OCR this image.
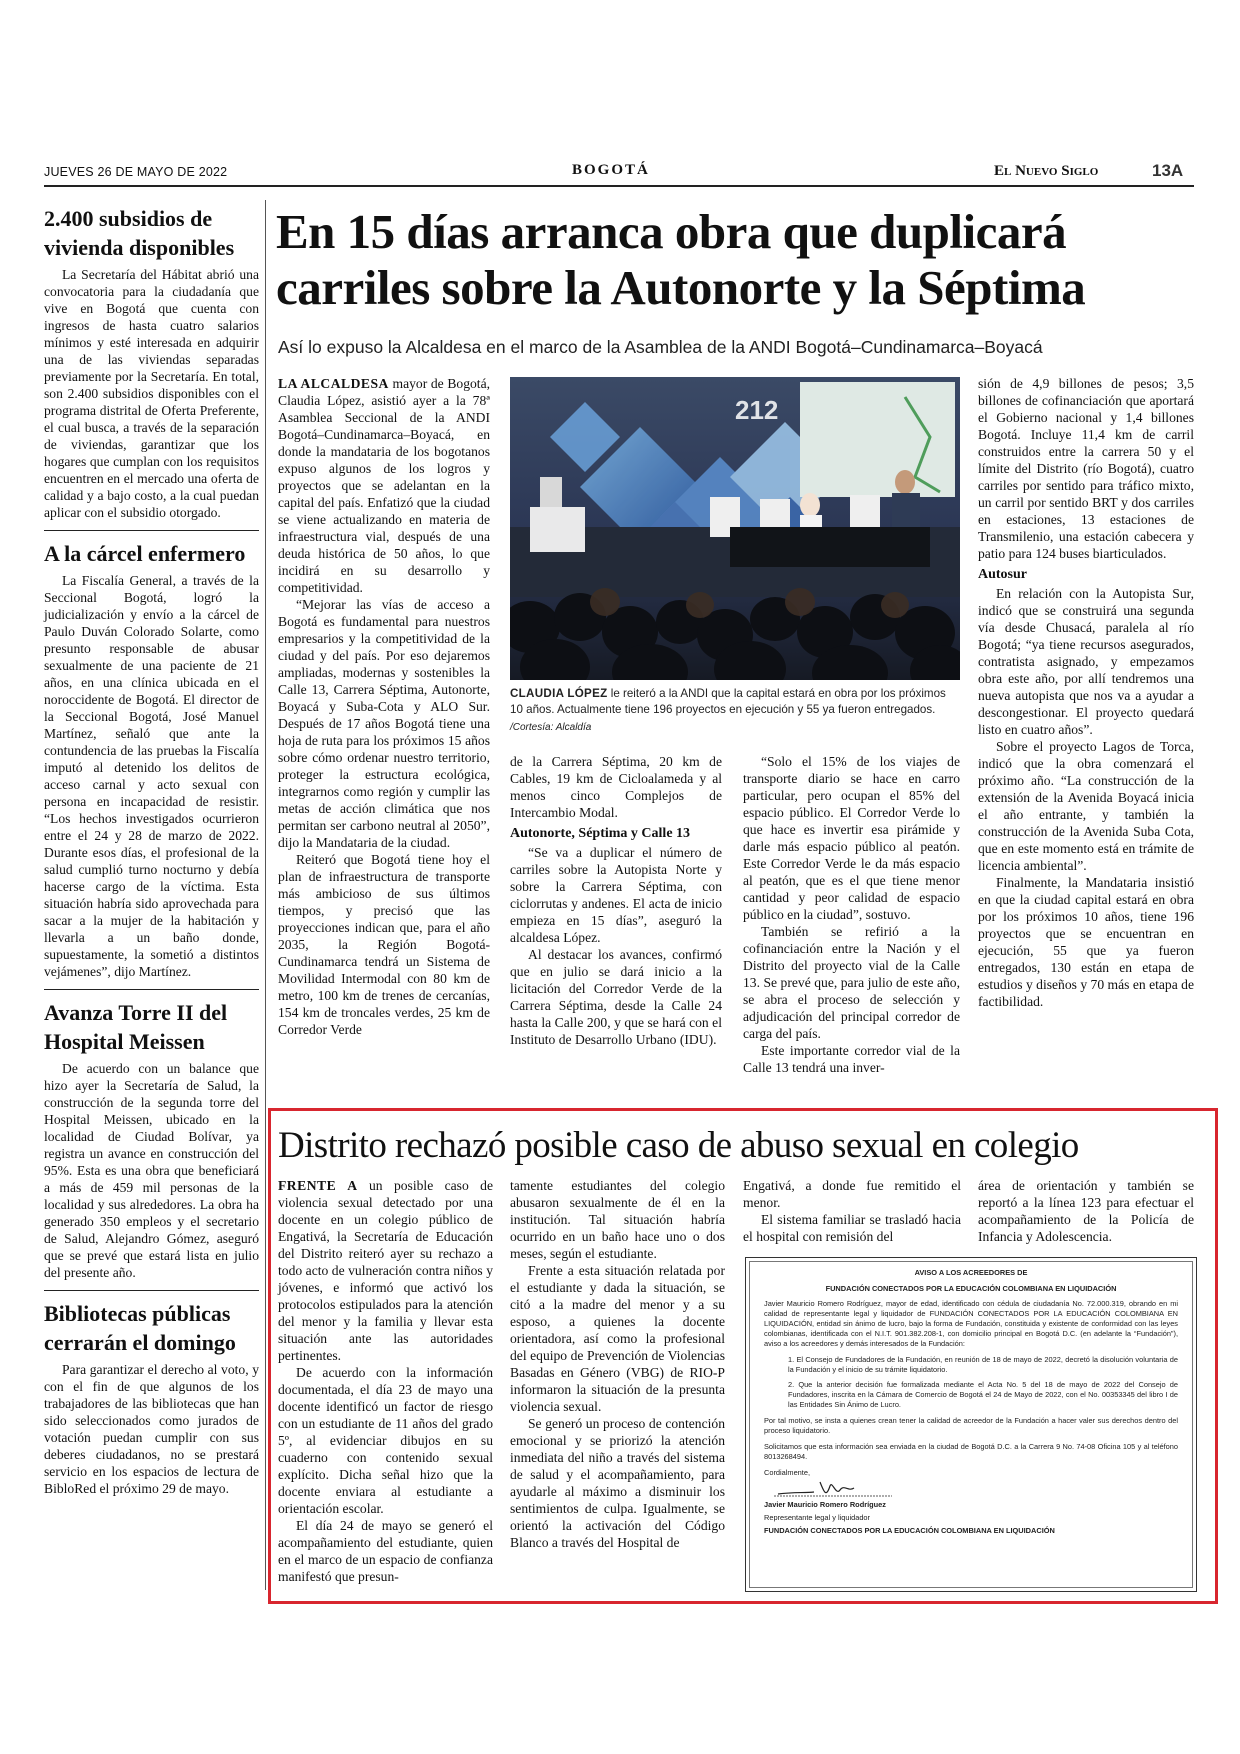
JUEVES 26 DE MAYO DE 2022	BOGOTÁ	El Nuevo Siglo	13A
2.400 subsidios de vivienda disponibles

La Secretaría del Hábitat abrió una convocatoria para la ciudadanía que vive en Bogotá que cuenta con ingresos de hasta cuatro salarios mínimos y esté interesada en adquirir una de las viviendas separadas previamente por la Secretaría. En total, son 2.400 subsidios disponibles con el programa distrital de Oferta Preferente, el cual busca, a través de la separación de viviendas, garantizar que los hogares que cumplan con los requisitos encuentren en el mercado una oferta de calidad y a bajo costo, a la cual puedan aplicar con el subsidio otorgado.

A la cárcel enfermero

La Fiscalía General, a través de la Seccional Bogotá, logró la judicialización y envío a la cárcel de Paulo Duván Colorado Solarte, como presunto responsable de abusar sexualmente de una paciente de 21 años, en una clínica ubicada en el noroccidente de Bogotá. El director de la Seccional Bogotá, José Manuel Martínez, señaló que ante la contundencia de las pruebas la Fiscalía imputó al detenido los delitos de acceso carnal y acto sexual con persona en incapacidad de resistir. “Los hechos investigados ocurrieron entre el 24 y 28 de marzo de 2022. Durante esos días, el profesional de la salud cumplió turno nocturno y debía hacerse cargo de la víctima. Esta situación habría sido aprovechada para sacar a la mujer de la habitación y llevarla a un baño donde, supuestamente, la sometió a distintos vejámenes”, dijo Martínez.

Avanza Torre II del Hospital Meissen

De acuerdo con un balance que hizo ayer la Secretaría de Salud, la construcción de la segunda torre del Hospital Meissen, ubicado en la localidad de Ciudad Bolívar, ya registra un avance en construcción del 95%. Esta es una obra que beneficiará a más de 459 mil personas de la localidad y sus alrededores. La obra ha generado 350 empleos y el secretario de Salud, Alejandro Gómez, aseguró que se prevé que estará lista en julio del presente año.

Bibliotecas públicas cerrarán el domingo

Para garantizar el derecho al voto, y con el fin de que algunos de los trabajadores de las bibliotecas que han sido seleccionados como jurados de votación puedan cumplir con sus deberes ciudadanos, no se prestará servicio en los espacios de lectura de BibloRed el próximo 29 de mayo.

En 15 días arranca obra que duplicará carriles sobre la Autonorte y la Séptima
Así lo expuso la Alcaldesa en el marco de la Asamblea de la ANDI Bogotá–Cundinamarca–Boyacá

LA ALCALDESA mayor de Bogotá, Claudia López, asistió ayer a la 78ª Asamblea Seccional de la ANDI Bogotá–Cundinamarca–Boyacá, en donde la mandataria de los bogotanos expuso algunos de los logros y proyectos que se adelantan en la capital del país. Enfatizó que la ciudad se viene actualizando en materia de infraestructura vial, después de una deuda histórica de 50 años, lo que incidirá en su desarrollo y competitividad.

“Mejorar las vías de acceso a Bogotá es fundamental para nuestros empresarios y la competitividad de la ciudad y del país. Por eso dejaremos ampliadas, modernas y sostenibles la Calle 13, Carrera Séptima, Autonorte, Boyacá y Suba-Cota y ALO Sur. Después de 17 años Bogotá tiene una hoja de ruta para los próximos 15 años sobre cómo ordenar nuestro territorio, proteger la estructura ecológica, integrarnos como región y cumplir las metas de acción climática que nos permitan ser carbono neutral al 2050”, dijo la Mandataria de la ciudad.

Reiteró que Bogotá tiene hoy el plan de infraestructura de transporte más ambicioso de sus últimos tiempos, y precisó que las proyecciones indican que, para el año 2035, la Región Bogotá-Cundinamarca tendrá un Sistema de Movilidad Intermodal con 80 km de metro, 100 km de trenes de cercanías, 154 km de troncales verdes, 25 km de Corredor Verde

212
CLAUDIA LÓPEZ le reiteró a la ANDI que la capital estará en obra por los próximos 10 años. Actualmente tiene 196 proyectos en ejecución y 55 ya fueron entregados. /Cortesía: Alcaldía

de la Carrera Séptima, 20 km de Cables, 19 km de Cicloalameda y al menos cinco Complejos de Intercambio Modal.

Autonorte, Séptima y Calle 13

“Se va a duplicar el número de carriles sobre la Autopista Norte y sobre la Carrera Séptima, con ciclorrutas y andenes. El acta de inicio empieza en 15 días”, aseguró la alcaldesa López.

Al destacar los avances, confirmó que en julio se dará inicio a la licitación del Corredor Verde de la Carrera Séptima, desde la Calle 24 hasta la Calle 200, y que se hará con el Instituto de Desarrollo Urbano (IDU).

“Solo el 15% de los viajes de transporte diario se hace en carro particular, pero ocupan el 85% del espacio público. El Corredor Verde lo que hace es invertir esa pirámide y darle más espacio público al peatón. Este Corredor Verde le da más espacio al peatón, que es el que tiene menor cantidad y peor calidad de espacio público en la ciudad”, sostuvo.

También se refirió a la cofinanciación entre la Nación y el Distrito del proyecto vial de la Calle 13. Se prevé que, para julio de este año, se abra el proceso de selección y adjudicación del principal corredor de carga del país.

Este importante corredor vial de la Calle 13 tendrá una inver-

sión de 4,9 billones de pesos; 3,5 billones de cofinanciación que aportará el Gobierno nacional y 1,4 billones Bogotá. Incluye 11,4 km de carril construidos entre la carrera 50 y el límite del Distrito (río Bogotá), cuatro carriles por sentido para tráfico mixto, un carril por sentido BRT y dos carriles en estaciones, 13 estaciones de Transmilenio, una estación cabecera y patio para 124 buses biarticulados.

Autosur

En relación con la Autopista Sur, indicó que se construirá una segunda vía desde Chusacá, paralela al río Bogotá; “ya tiene recursos asegurados, contratista asignado, y empezamos obra este año, por allí tendremos una nueva autopista que nos va a ayudar a descongestionar. El proyecto quedará listo en cuatro años”.

Sobre el proyecto Lagos de Torca, indicó que la obra comenzará el próximo año. “La construcción de la extensión de la Avenida Boyacá inicia el año entrante, y también la construcción de la Avenida Suba Cota, que en este momento está en trámite de licencia ambiental”.

Finalmente, la Mandataria insistió en que la ciudad capital estará en obra por los próximos 10 años, tiene 196 proyectos que se encuentran en ejecución, 55 que ya fueron entregados, 130 están en etapa de estudios y diseños y 70 más en etapa de factibilidad.

Distrito rechazó posible caso de abuso sexual en colegio

FRENTE A un posible caso de violencia sexual detectado por una docente en un colegio público de Engativá, la Secretaría de Educación del Distrito reiteró ayer su rechazo a todo acto de vulneración contra niños y jóvenes, e informó que activó los protocolos estipulados para la atención del menor y la familia y llevar esta situación ante las autoridades pertinentes.

De acuerdo con la información documentada, el día 23 de mayo una docente identificó un factor de riesgo con un estudiante de 11 años del grado 5º, al evidenciar dibujos en su cuaderno con contenido sexual explícito. Dicha señal hizo que la docente enviara al estudiante a orientación escolar.

El día 24 de mayo se generó el acompañamiento del estudiante, quien en el marco de un espacio de confianza manifestó que presun-

tamente estudiantes del colegio abusaron sexualmente de él en la institución. Tal situación habría ocurrido en un baño hace uno o dos meses, según el estudiante.

Frente a esta situación relatada por el estudiante y dada la situación, se citó a la madre del menor y a su esposo, a quienes la docente orientadora, así como la profesional del equipo de Prevención de Violencias Basadas en Género (VBG) de RIO-P informaron la situación de la presunta violencia sexual.

Se generó un proceso de contención emocional y se priorizó la atención inmediata del niño a través del sistema de salud y el acompañamiento, para ayudarle al máximo a disminuir los sentimientos de culpa. Igualmente, se orientó la activación del Código Blanco a través del Hospital de

Engativá, a donde fue remitido el menor.

El sistema familiar se trasladó hacia el hospital con remisión del

área de orientación y también se reportó a la línea 123 para efectuar el acompañamiento de la Policía de Infancia y Adolescencia.

AVISO A LOS ACREEDORES DE
FUNDACIÓN CONECTADOS POR LA EDUCACIÓN COLOMBIANA EN LIQUIDACIÓN
Javier Mauricio Romero Rodríguez, mayor de edad, identificado con cédula de ciudadanía No. 72.000.319, obrando en mi calidad de representante legal y liquidador de FUNDACIÓN CONECTADOS POR LA EDUCACIÓN COLOMBIANA EN LIQUIDACIÓN, entidad sin ánimo de lucro, bajo la forma de Fundación, constituida y existente de conformidad con las leyes colombianas, identificada con el N.I.T. 901.382.208-1, con domicilio principal en Bogotá D.C. (en adelante la “Fundación”), aviso a los acreedores y demás interesados de la Fundación:
1. El Consejo de Fundadores de la Fundación, en reunión de 18 de mayo de 2022, decretó la disolución voluntaria de la Fundación y el inicio de su trámite liquidatorio.
2. Que la anterior decisión fue formalizada mediante el Acta No. 5 del 18 de mayo de 2022 del Consejo de Fundadores, inscrita en la Cámara de Comercio de Bogotá el 24 de Mayo de 2022, con el No. 00353345 del libro I de las Entidades Sin Ánimo de Lucro.
Por tal motivo, se insta a quienes crean tener la calidad de acreedor de la Fundación a hacer valer sus derechos dentro del proceso liquidatorio.
Solicitamos que esta información sea enviada en la ciudad de Bogotá D.C. a la Carrera 9 No. 74-08 Oficina 105 y al teléfono 8013268494.
Cordialmente,
Javier Mauricio Romero Rodríguez
Representante legal y liquidador
FUNDACIÓN CONECTADOS POR LA EDUCACIÓN COLOMBIANA EN LIQUIDACIÓN
